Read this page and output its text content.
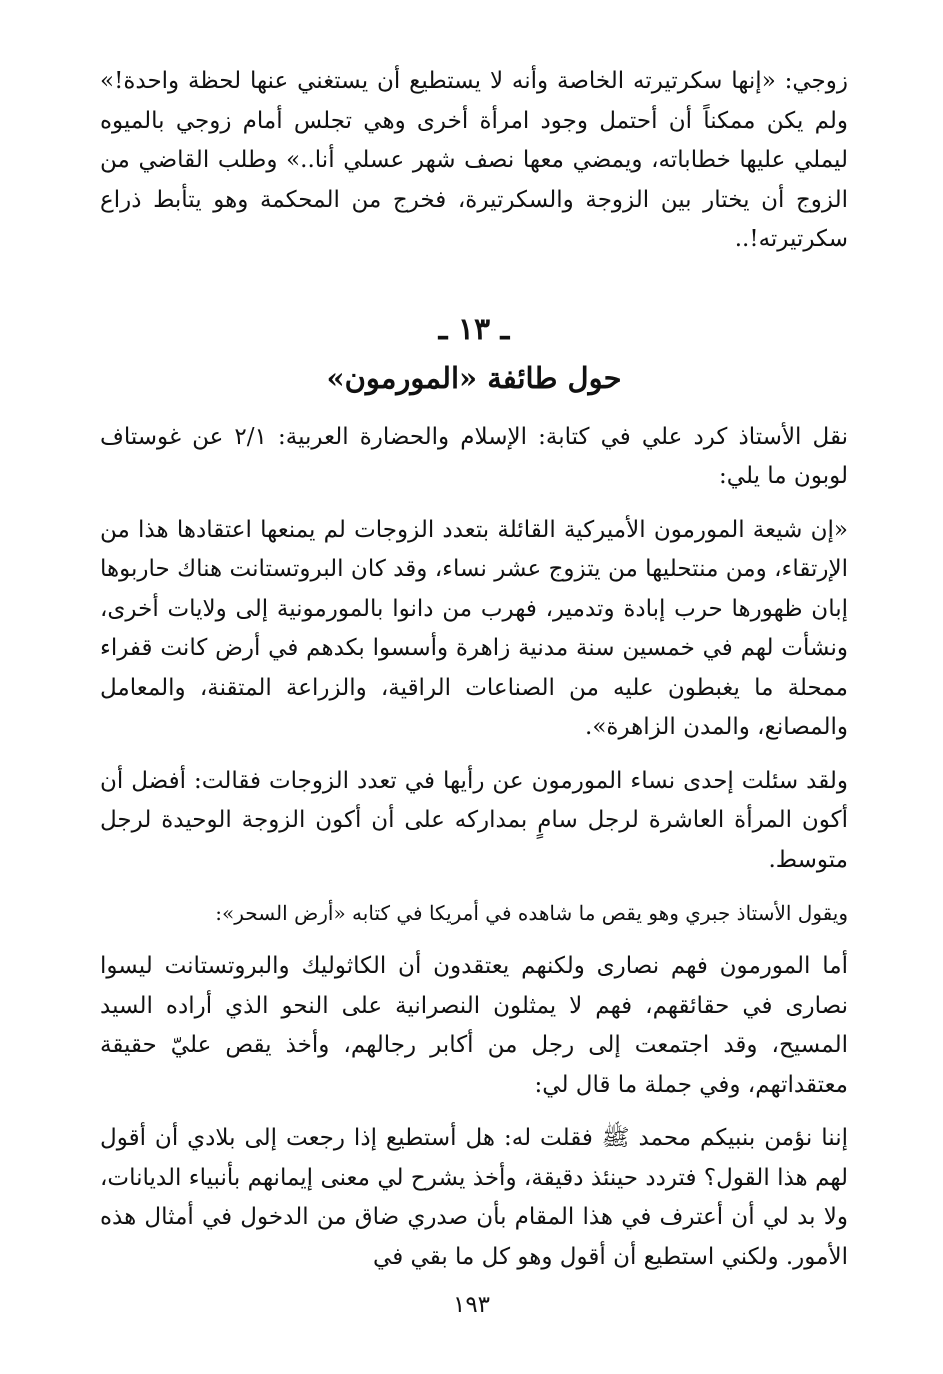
زوجي: «إنها سكرتيرته الخاصة وأنه لا يستطيع أن يستغني عنها لحظة واحدة!» ولم يكن ممكناً أن أحتمل وجود امرأة أخرى وهي تجلس أمام زوجي بالميوه ليملي عليها خطاباته، ويمضي معها نصف شهر عسلي أنا..» وطلب القاضي من الزوج أن يختار بين الزوجة والسكرتيرة، فخرج من المحكمة وهو يتأبط ذراع سكرتيرته!..

ـ ١٣ ـ
حول طائفة «المورمون»

نقل الأستاذ كرد علي في كتابة: الإسلام والحضارة العربية: ٢/١ عن غوستاف لوبون ما يلي:

«إن شيعة المورمون الأميركية القائلة بتعدد الزوجات لم يمنعها اعتقادها هذا من الإرتقاء، ومن منتحليها من يتزوج عشر نساء، وقد كان البروتستانت هناك حاربوها إبان ظهورها حرب إبادة وتدمير، فهرب من دانوا بالمورمونية إلى ولايات أخرى، ونشأت لهم في خمسين سنة مدنية زاهرة وأسسوا بكدهم في أرض كانت قفراء ممحلة ما يغبطون عليه من الصناعات الراقية، والزراعة المتقنة، والمعامل والمصانع، والمدن الزاهرة».

ولقد سئلت إحدى نساء المورمون عن رأيها في تعدد الزوجات فقالت: أفضل أن أكون المرأة العاشرة لرجل سامٍ بمداركه على أن أكون الزوجة الوحيدة لرجل متوسط.

ويقول الأستاذ جبري وهو يقص ما شاهده في أمريكا في كتابه «أرض السحر»:

أما المورمون فهم نصارى ولكنهم يعتقدون أن الكاثوليك والبروتستانت ليسوا نصارى في حقائقهم، فهم لا يمثلون النصرانية على النحو الذي أراده السيد المسيح، وقد اجتمعت إلى رجل من أكابر رجالهم، وأخذ يقص عليّ حقيقة معتقداتهم، وفي جملة ما قال لي:

إننا نؤمن بنبيكم محمد ﷺ فقلت له: هل أستطيع إذا رجعت إلى بلادي أن أقول لهم هذا القول؟ فتردد حينئذ دقيقة، وأخذ يشرح لي معنى إيمانهم بأنبياء الديانات، ولا بد لي أن أعترف في هذا المقام بأن صدري ضاق من الدخول في أمثال هذه الأمور. ولكني استطيع أن أقول وهو كل ما بقي في

١٩٣
